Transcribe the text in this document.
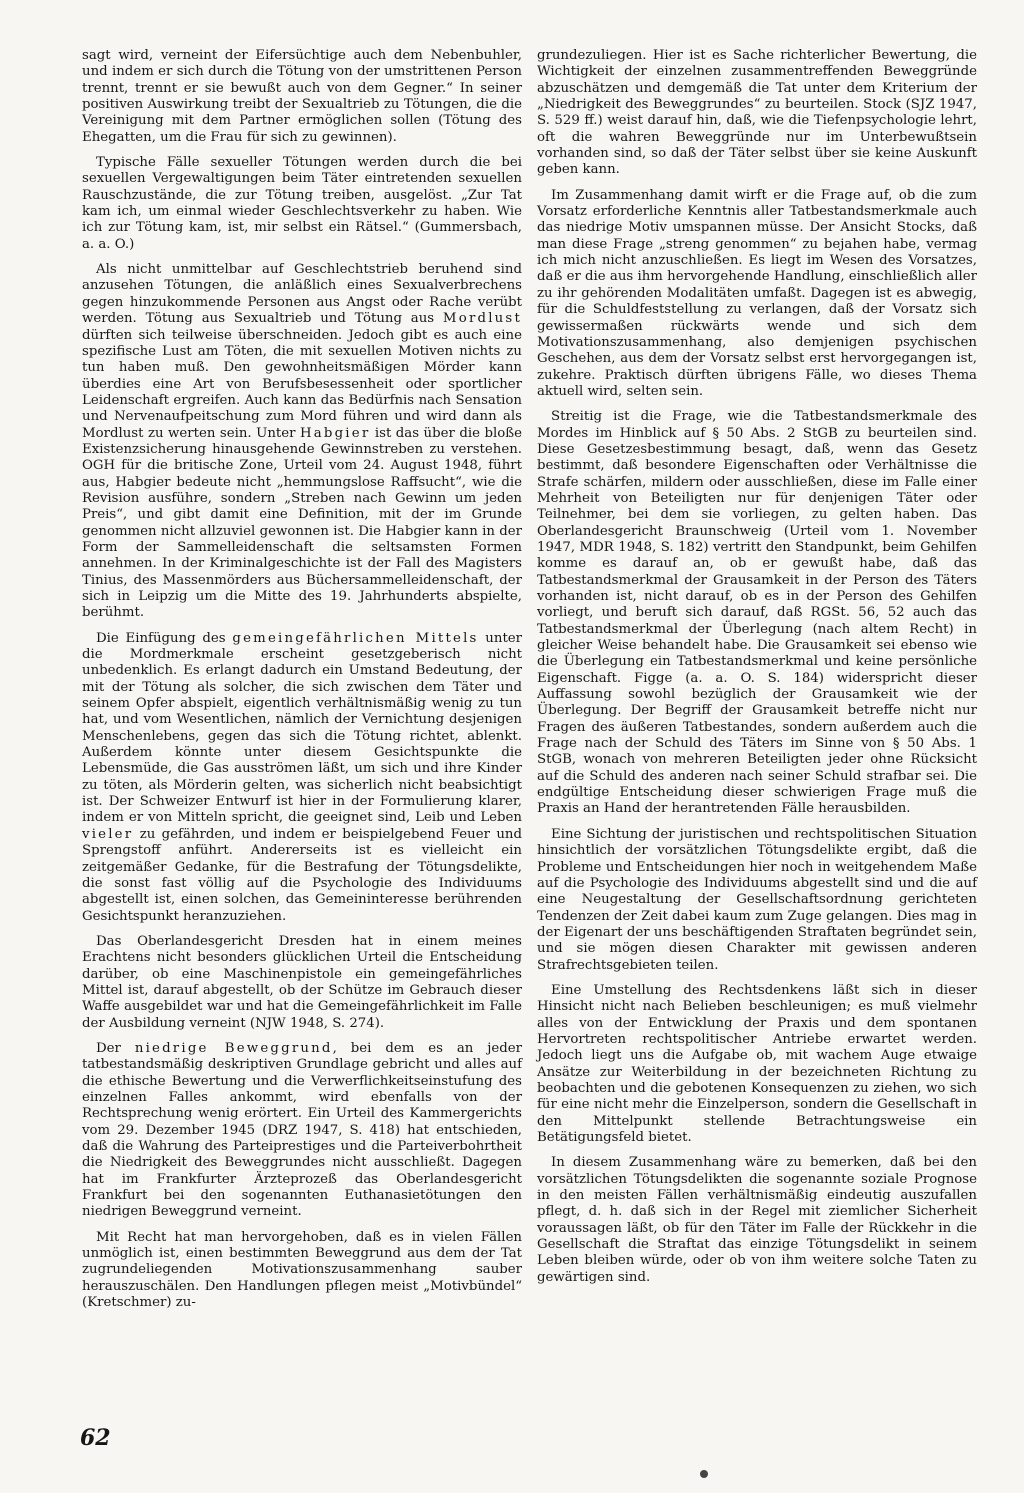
sagt wird, verneint der Eifersüchtige auch dem Nebenbuhler, und indem er sich durch die Tötung von der umstrittenen Person trennt, trennt er sie bewußt auch von dem Gegner.“ In seiner positiven Auswirkung treibt der Sexualtrieb zu Tötungen, die die Vereinigung mit dem Partner ermöglichen sollen (Tötung des Ehegatten, um die Frau für sich zu gewinnen).

Typische Fälle sexueller Tötungen werden durch die bei sexuellen Vergewaltigungen beim Täter eintretenden sexuellen Rauschzustände, die zur Tötung treiben, ausgelöst. „Zur Tat kam ich, um einmal wieder Geschlechtsverkehr zu haben. Wie ich zur Tötung kam, ist, mir selbst ein Rätsel.“ (Gummersbach, a. a. O.)

Als nicht unmittelbar auf Geschlechtstrieb beruhend sind anzusehen Tötungen, die anläßlich eines Sexualverbrechens gegen hinzukommende Personen aus Angst oder Rache verübt werden. Tötung aus Sexualtrieb und Tötung aus Mordlust dürften sich teilweise überschneiden. Jedoch gibt es auch eine spezifische Lust am Töten, die mit sexuellen Motiven nichts zu tun haben muß. Den gewohnheitsmäßigen Mörder kann überdies eine Art von Berufsbesessenheit oder sportlicher Leidenschaft ergreifen. Auch kann das Bedürfnis nach Sensation und Nervenaufpeitschung zum Mord führen und wird dann als Mordlust zu werten sein. Unter Habgier ist das über die bloße Existenzsicherung hinausgehende Gewinnstreben zu verstehen. OGH für die britische Zone, Urteil vom 24. August 1948, führt aus, Habgier bedeute nicht „hemmungslose Raffsucht“, wie die Revision ausführe, sondern „Streben nach Gewinn um jeden Preis“, und gibt damit eine Definition, mit der im Grunde genommen nicht allzuviel gewonnen ist. Die Habgier kann in der Form der Sammelleidenschaft die seltsamsten Formen annehmen. In der Kriminalgeschichte ist der Fall des Magisters Tinius, des Massenmörders aus Büchersammelleidenschaft, der sich in Leipzig um die Mitte des 19. Jahrhunderts abspielte, berühmt.

Die Einfügung des gemeingefährlichen Mittels unter die Mordmerkmale erscheint gesetzgeberisch nicht unbedenklich. Es erlangt dadurch ein Umstand Bedeutung, der mit der Tötung als solcher, die sich zwischen dem Täter und seinem Opfer abspielt, eigentlich verhältnismäßig wenig zu tun hat, und vom Wesentlichen, nämlich der Vernichtung desjenigen Menschenlebens, gegen das sich die Tötung richtet, ablenkt. Außerdem könnte unter diesem Gesichtspunkte die Lebensmüde, die Gas ausströmen läßt, um sich und ihre Kinder zu töten, als Mörderin gelten, was sicherlich nicht beabsichtigt ist. Der Schweizer Entwurf ist hier in der Formulierung klarer, indem er von Mitteln spricht, die geeignet sind, Leib und Leben vieler zu gefährden, und indem er beispielgebend Feuer und Sprengstoff anführt. Andererseits ist es vielleicht ein zeitgemäßer Gedanke, für die Bestrafung der Tötungsdelikte, die sonst fast völlig auf die Psychologie des Individuums abgestellt ist, einen solchen, das Gemeininteresse berührenden Gesichtspunkt heranzuziehen.

Das Oberlandesgericht Dresden hat in einem meines Erachtens nicht besonders glücklichen Urteil die Entscheidung darüber, ob eine Maschinenpistole ein gemeingefährliches Mittel ist, darauf abgestellt, ob der Schütze im Gebrauch dieser Waffe ausgebildet war und hat die Gemeingefährlichkeit im Falle der Ausbildung verneint (NJW 1948, S. 274).

Der niedrige Beweggrund, bei dem es an jeder tatbestandsmäßig deskriptiven Grundlage gebricht und alles auf die ethische Bewertung und die Verwerflichkeitseinstufung des einzelnen Falles ankommt, wird ebenfalls von der Rechtsprechung wenig erörtert. Ein Urteil des Kammergerichts vom 29. Dezember 1945 (DRZ 1947, S. 418) hat entschieden, daß die Wahrung des Parteiprestiges und die Parteiverbohrtheit die Niedrigkeit des Beweggrundes nicht ausschließt. Dagegen hat im Frankfurter Ärzteprozeß das Oberlandesgericht Frankfurt bei den sogenannten Euthanasietötungen den niedrigen Beweggrund verneint.

Mit Recht hat man hervorgehoben, daß es in vielen Fällen unmöglich ist, einen bestimmten Beweggrund aus dem der Tat zugrundeliegenden Motivationszusammenhang sauber herauszuschälen. Den Handlungen pflegen meist „Motivbündel“ (Kretschmer) zu-

grundezuliegen. Hier ist es Sache richterlicher Bewertung, die Wichtigkeit der einzelnen zusammentreffenden Beweggründe abzuschätzen und demgemäß die Tat unter dem Kriterium der „Niedrigkeit des Beweggrundes“ zu beurteilen. Stock (SJZ 1947, S. 529 ff.) weist darauf hin, daß, wie die Tiefenpsychologie lehrt, oft die wahren Beweggründe nur im Unterbewußtsein vorhanden sind, so daß der Täter selbst über sie keine Auskunft geben kann.

Im Zusammenhang damit wirft er die Frage auf, ob die zum Vorsatz erforderliche Kenntnis aller Tatbestandsmerkmale auch das niedrige Motiv umspannen müsse. Der Ansicht Stocks, daß man diese Frage „streng genommen“ zu bejahen habe, vermag ich mich nicht anzuschließen. Es liegt im Wesen des Vorsatzes, daß er die aus ihm hervorgehende Handlung, einschließlich aller zu ihr gehörenden Modalitäten umfaßt. Dagegen ist es abwegig, für die Schuldfeststellung zu verlangen, daß der Vorsatz sich gewissermaßen rückwärts wende und sich dem Motivationszusammenhang, also demjenigen psychischen Geschehen, aus dem der Vorsatz selbst erst hervorgegangen ist, zukehre. Praktisch dürften übrigens Fälle, wo dieses Thema aktuell wird, selten sein.

Streitig ist die Frage, wie die Tatbestandsmerkmale des Mordes im Hinblick auf § 50 Abs. 2 StGB zu beurteilen sind. Diese Gesetzesbestimmung besagt, daß, wenn das Gesetz bestimmt, daß besondere Eigenschaften oder Verhältnisse die Strafe schärfen, mildern oder ausschließen, diese im Falle einer Mehrheit von Beteiligten nur für denjenigen Täter oder Teilnehmer, bei dem sie vorliegen, zu gelten haben. Das Oberlandesgericht Braunschweig (Urteil vom 1. November 1947, MDR 1948, S. 182) vertritt den Standpunkt, beim Gehilfen komme es darauf an, ob er gewußt habe, daß das Tatbestandsmerkmal der Grausamkeit in der Person des Täters vorhanden ist, nicht darauf, ob es in der Person des Gehilfen vorliegt, und beruft sich darauf, daß RGSt. 56, 52 auch das Tatbestandsmerkmal der Überlegung (nach altem Recht) in gleicher Weise behandelt habe. Die Grausamkeit sei ebenso wie die Überlegung ein Tatbestandsmerkmal und keine persönliche Eigenschaft. Figge (a. a. O. S. 184) widerspricht dieser Auffassung sowohl bezüglich der Grausamkeit wie der Überlegung. Der Begriff der Grausamkeit betreffe nicht nur Fragen des äußeren Tatbestandes, sondern außerdem auch die Frage nach der Schuld des Täters im Sinne von § 50 Abs. 1 StGB, wonach von mehreren Beteiligten jeder ohne Rücksicht auf die Schuld des anderen nach seiner Schuld strafbar sei. Die endgültige Entscheidung dieser schwierigen Frage muß die Praxis an Hand der herantretenden Fälle herausbilden.

Eine Sichtung der juristischen und rechtspolitischen Situation hinsichtlich der vorsätzlichen Tötungsdelikte ergibt, daß die Probleme und Entscheidungen hier noch in weitgehendem Maße auf die Psychologie des Individuums abgestellt sind und die auf eine Neugestaltung der Gesellschaftsordnung gerichteten Tendenzen der Zeit dabei kaum zum Zuge gelangen. Dies mag in der Eigenart der uns beschäftigenden Straftaten begründet sein, und sie mögen diesen Charakter mit gewissen anderen Strafrechtsgebieten teilen.

Eine Umstellung des Rechtsdenkens läßt sich in dieser Hinsicht nicht nach Belieben beschleunigen; es muß vielmehr alles von der Entwicklung der Praxis und dem spontanen Hervortreten rechtspolitischer Antriebe erwartet werden. Jedoch liegt uns die Aufgabe ob, mit wachem Auge etwaige Ansätze zur Weiterbildung in der bezeichneten Richtung zu beobachten und die gebotenen Konsequenzen zu ziehen, wo sich für eine nicht mehr die Einzelperson, sondern die Gesellschaft in den Mittelpunkt stellende Betrachtungsweise ein Betätigungsfeld bietet.

In diesem Zusammenhang wäre zu bemerken, daß bei den vorsätzlichen Tötungsdelikten die sogenannte soziale Prognose in den meisten Fällen verhältnismäßig eindeutig auszufallen pflegt, d. h. daß sich in der Regel mit ziemlicher Sicherheit voraussagen läßt, ob für den Täter im Falle der Rückkehr in die Gesellschaft die Straftat das einzige Tötungsdelikt in seinem Leben bleiben würde, oder ob von ihm weitere solche Taten zu gewärtigen sind.

62
